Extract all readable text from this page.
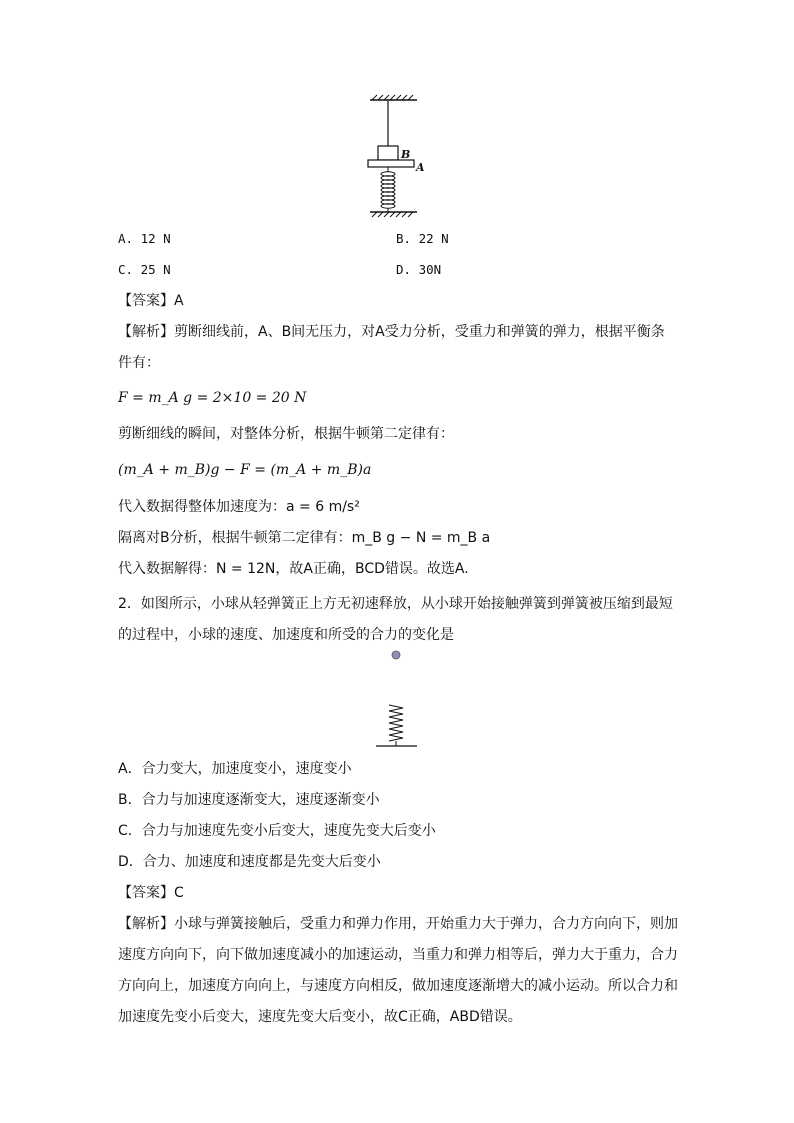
B
A
A. 12 N	B. 22 N
C. 25 N	D. 30N
【答案】A
【解析】剪断细线前，A、B间无压力，对A受力分析，受重力和弹簧的弹力，根据平衡条
件有：
F = m_A g = 2×10 = 20 N
剪断细线的瞬间，对整体分析，根据牛顿第二定律有：
(m_A + m_B)g − F = (m_A + m_B)a
代入数据得整体加速度为：a = 6 m/s²
隔离对B分析，根据牛顿第二定律有：m_B g − N = m_B a
代入数据解得：N = 12N，故A正确，BCD错误。故选A.
2．如图所示，小球从轻弹簧正上方无初速释放，从小球开始接触弹簧到弹簧被压缩到最短
的过程中，小球的速度、加速度和所受的合力的变化是
A．合力变大，加速度变小，速度变小
B．合力与加速度逐渐变大，速度逐渐变小
C．合力与加速度先变小后变大，速度先变大后变小
D．合力、加速度和速度都是先变大后变小
【答案】C
【解析】小球与弹簧接触后，受重力和弹力作用，开始重力大于弹力，合力方向向下，则加
速度方向向下，向下做加速度减小的加速运动，当重力和弹力相等后，弹力大于重力，合力
方向向上，加速度方向向上，与速度方向相反，做加速度逐渐增大的减小运动。所以合力和
加速度先变小后变大，速度先变大后变小，故C正确，ABD错误。
